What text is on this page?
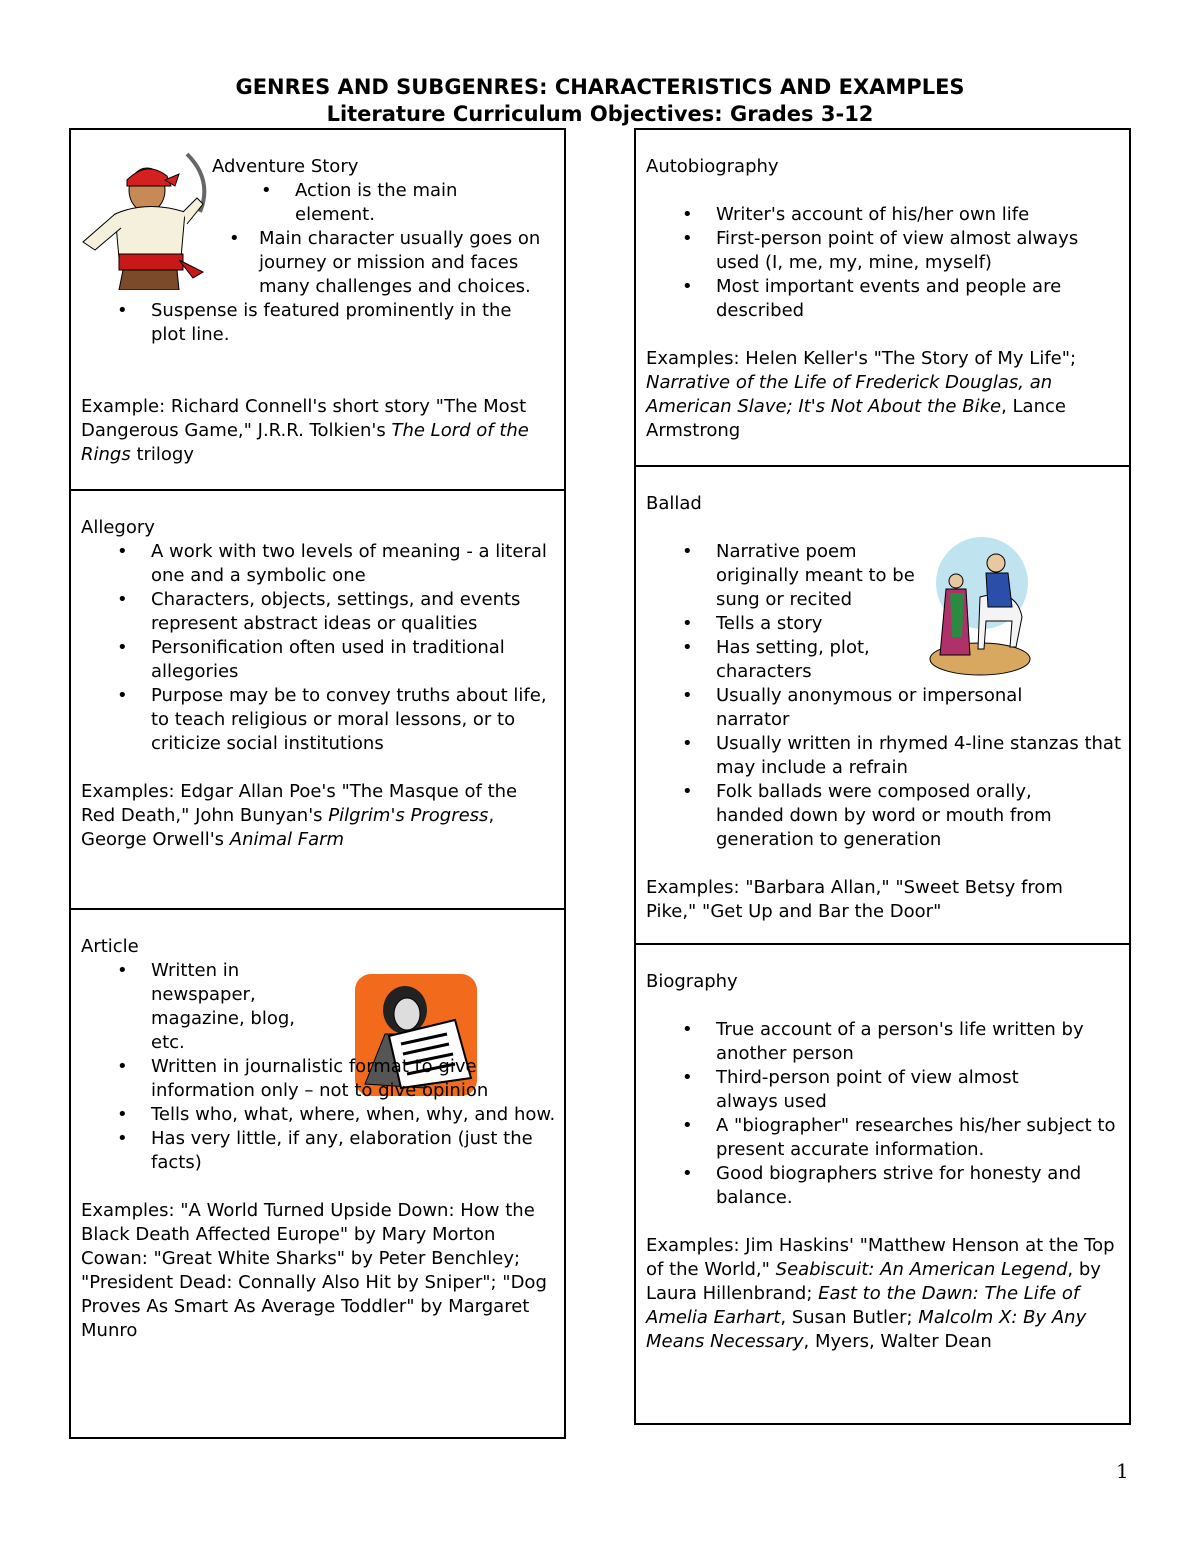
GENRES AND SUBGENRES: CHARACTERISTICS AND EXAMPLES
Literature Curriculum Objectives: Grades 3-12

Adventure Story

• Action is the main element.
• Main character usually goes on journey or mission and faces many challenges and choices.
• Suspense is featured prominently in the plot line.

Example: Richard Connell's short story "The Most Dangerous Game," J.R.R. Tolkien's The Lord of the Rings trilogy

Allegory

• A work with two levels of meaning - a literal one and a symbolic one
• Characters, objects, settings, and events represent abstract ideas or qualities
• Personification often used in traditional allegories
• Purpose may be to convey truths about life, to teach religious or moral lessons, or to criticize social institutions

Examples: Edgar Allan Poe's "The Masque of the Red Death," John Bunyan's Pilgrim's Progress, George Orwell's Animal Farm

Article

• Written in newspaper, magazine, blog, etc.
• Written in journalistic format to give information only – not to give opinion
• Tells who, what, where, when, why, and how.
• Has very little, if any, elaboration (just the facts)

Examples: "A World Turned Upside Down: How the Black Death Affected Europe" by Mary Morton Cowan: "Great White Sharks" by Peter Benchley; "President Dead: Connally Also Hit by Sniper"; "Dog Proves As Smart As Average Toddler" by Margaret Munro

Autobiography

• Writer's account of his/her own life
• First-person point of view almost always used (I, me, my, mine, myself)
• Most important events and people are described

Examples: Helen Keller's "The Story of My Life"; Narrative of the Life of Frederick Douglas, an American Slave; It's Not About the Bike, Lance Armstrong

Ballad

• Narrative poem originally meant to be sung or recited
• Tells a story
• Has setting, plot, characters
• Usually anonymous or impersonal narrator
• Usually written in rhymed 4-line stanzas that may include a refrain
• Folk ballads were composed orally, handed down by word or mouth from generation to generation

Examples: "Barbara Allan," "Sweet Betsy from Pike," "Get Up and Bar the Door"

Biography

• True account of a person's life written by another person
• Third-person point of view almost always used
• A "biographer" researches his/her subject to present accurate information.
• Good biographers strive for honesty and balance.

Examples: Jim Haskins' "Matthew Henson at the Top of the World," Seabiscuit: An American Legend, by Laura Hillenbrand; East to the Dawn: The Life of Amelia Earhart, Susan Butler; Malcolm X: By Any Means Necessary, Myers, Walter Dean

1
